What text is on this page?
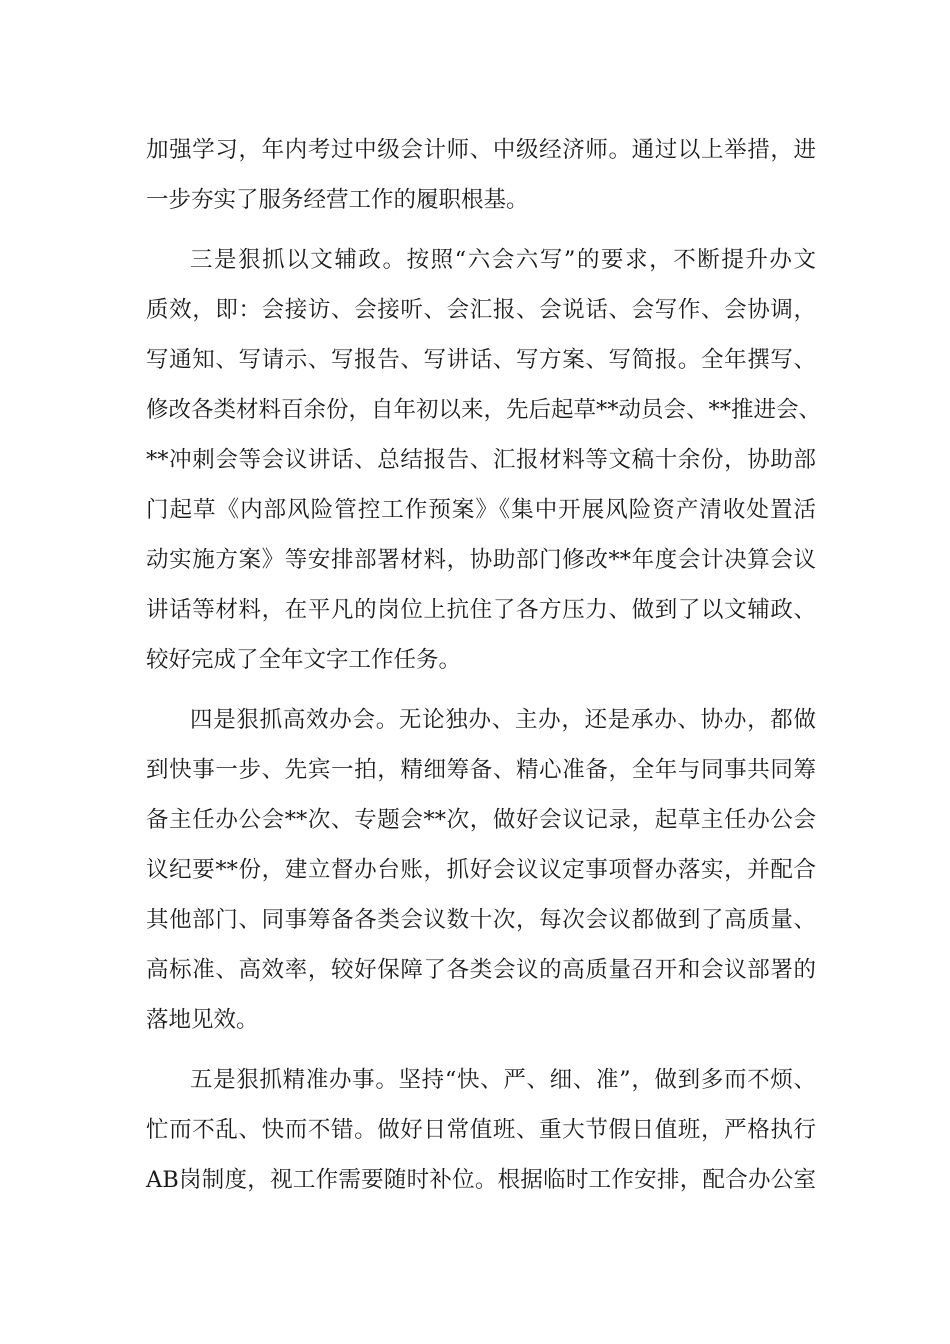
加强学习，年内考过中级会计师、中级经济师。通过以上举措，进
一步夯实了服务经营工作的履职根基。
三是狠抓以文辅政。按照“六会六写”的要求，不断提升办文
质效，即：会接访、会接听、会汇报、会说话、会写作、会协调，
写通知、写请示、写报告、写讲话、写方案、写简报。全年撰写、
修改各类材料百余份，自年初以来，先后起草**动员会、**推进会、
**冲刺会等会议讲话、总结报告、汇报材料等文稿十余份，协助部
门起草《内部风险管控工作预案》《集中开展风险资产清收处置活
动实施方案》等安排部署材料，协助部门修改**年度会计决算会议
讲话等材料，在平凡的岗位上抗住了各方压力、做到了以文辅政、
较好完成了全年文字工作任务。
四是狠抓高效办会。无论独办、主办，还是承办、协办，都做
到快事一步、先宾一拍，精细筹备、精心准备，全年与同事共同筹
备主任办公会**次、专题会**次，做好会议记录，起草主任办公会
议纪要**份，建立督办台账，抓好会议议定事项督办落实，并配合
其他部门、同事筹备各类会议数十次，每次会议都做到了高质量、
高标准、高效率，较好保障了各类会议的高质量召开和会议部署的
落地见效。
五是狠抓精准办事。坚持“快、严、细、准”，做到多而不烦、
忙而不乱、快而不错。做好日常值班、重大节假日值班，严格执行
AB岗制度，视工作需要随时补位。根据临时工作安排，配合办公室
